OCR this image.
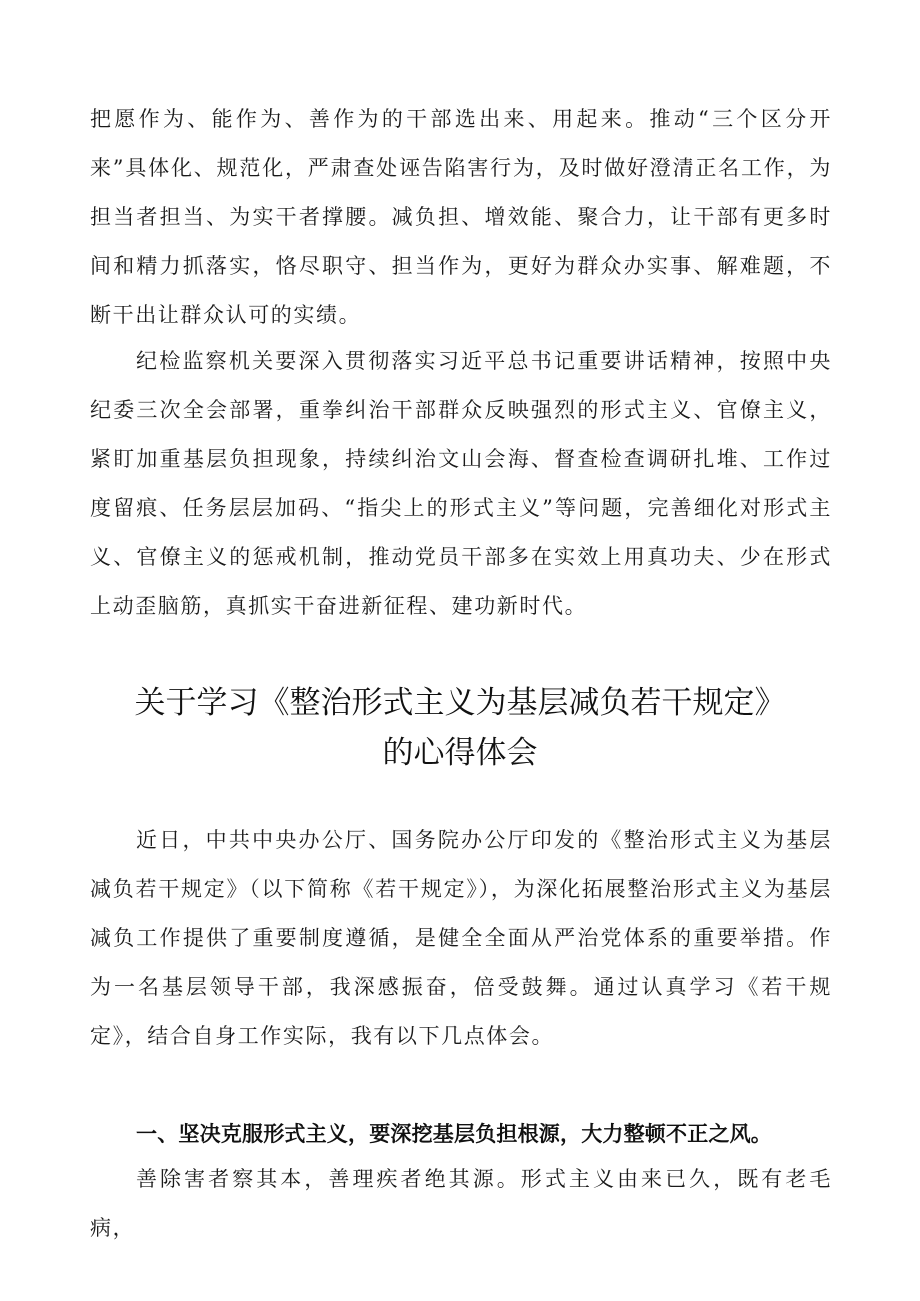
把愿作为、能作为、善作为的干部选出来、用起来。推动“三个区分开来”具体化、规范化，严肃查处诬告陷害行为，及时做好澄清正名工作，为担当者担当、为实干者撑腰。减负担、增效能、聚合力，让干部有更多时间和精力抓落实，恪尽职守、担当作为，更好为群众办实事、解难题，不断干出让群众认可的实绩。

纪检监察机关要深入贯彻落实习近平总书记重要讲话精神，按照中央纪委三次全会部署，重拳纠治干部群众反映强烈的形式主义、官僚主义，紧盯加重基层负担现象，持续纠治文山会海、督查检查调研扎堆、工作过度留痕、任务层层加码、“指尖上的形式主义”等问题，完善细化对形式主义、官僚主义的惩戒机制，推动党员干部多在实效上用真功夫、少在形式上动歪脑筋，真抓实干奋进新征程、建功新时代。

关于学习《整治形式主义为基层减负若干规定》
的心得体会

近日，中共中央办公厅、国务院办公厅印发的《整治形式主义为基层减负若干规定》（以下简称《若干规定》），为深化拓展整治形式主义为基层减负工作提供了重要制度遵循，是健全全面从严治党体系的重要举措。作为一名基层领导干部，我深感振奋，倍受鼓舞。通过认真学习《若干规定》，结合自身工作实际，我有以下几点体会。

一、坚决克服形式主义，要深挖基层负担根源，大力整顿不正之风。

善除害者察其本，善理疾者绝其源。形式主义由来已久，既有老毛病，
